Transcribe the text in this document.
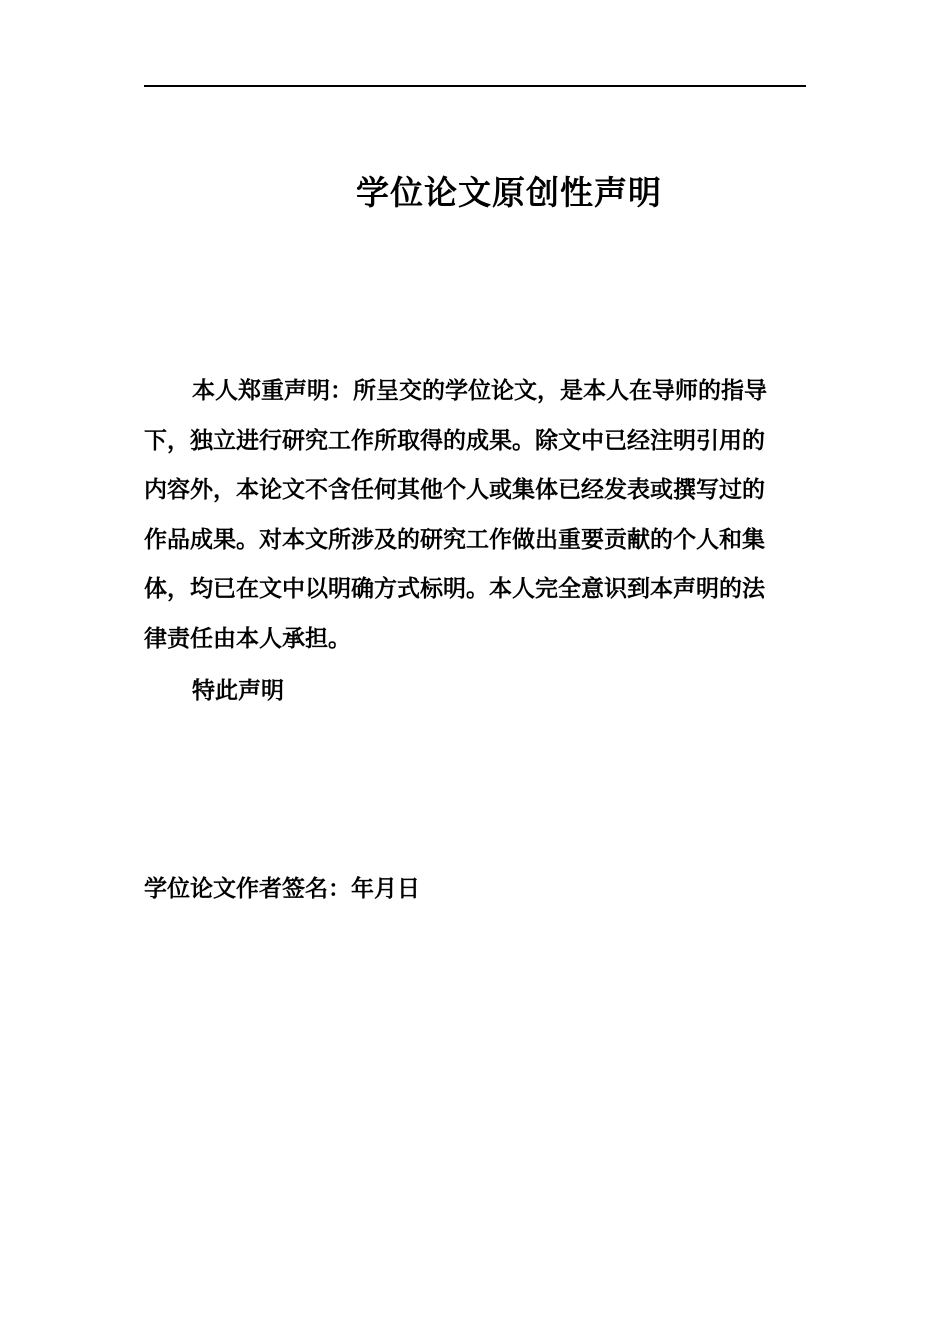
学位论文原创性声明
本人郑重声明：所呈交的学位论文，是本人在导师的指导
下，独立进行研究工作所取得的成果。除文中已经注明引用的
内容外，本论文不含任何其他个人或集体已经发表或撰写过的
作品成果。对本文所涉及的研究工作做出重要贡献的个人和集
体，均已在文中以明确方式标明。本人完全意识到本声明的法
律责任由本人承担。
特此声明
学位论文作者签名：年月日
